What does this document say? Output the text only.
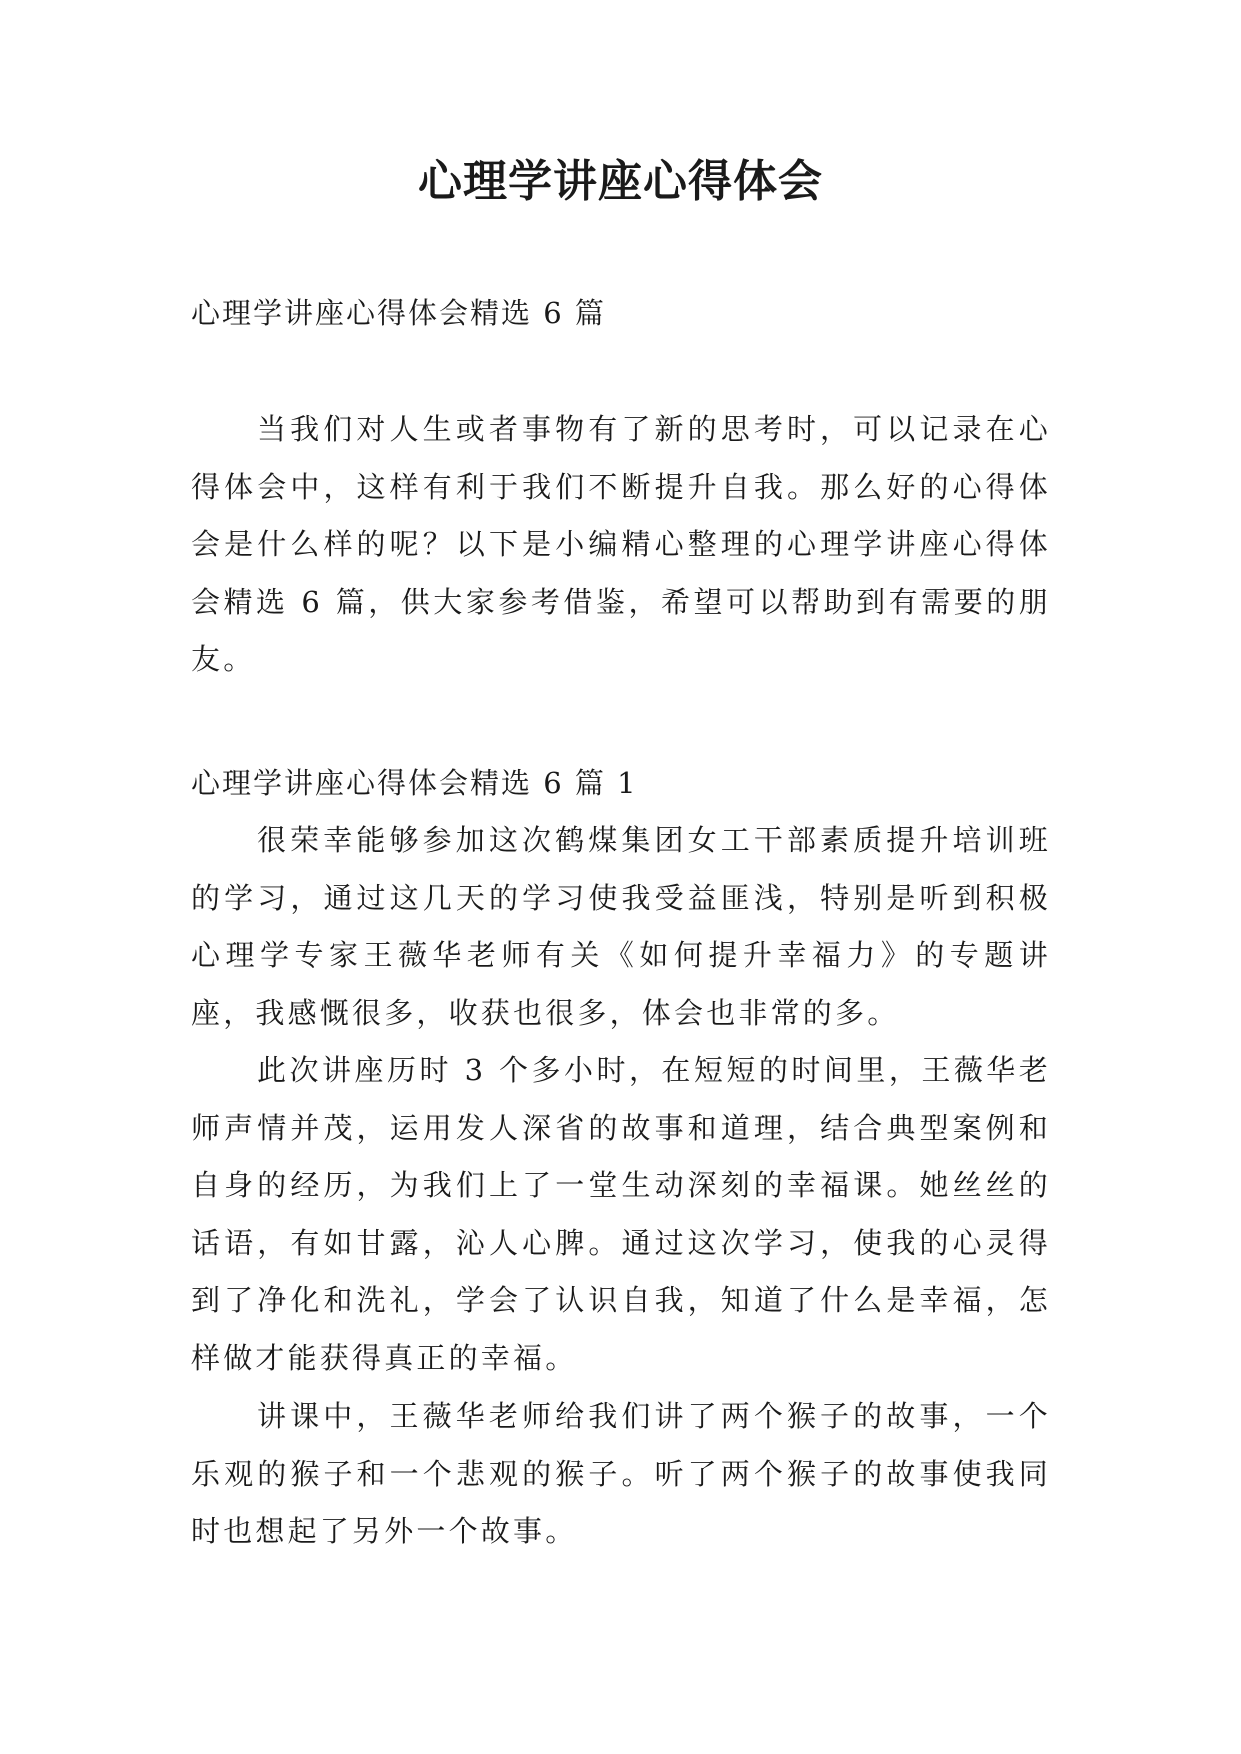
心理学讲座心得体会

心理学讲座心得体会精选 6 篇

当我们对人生或者事物有了新的思考时，可以记录在心得体会中，这样有利于我们不断提升自我。那么好的心得体会是什么样的呢？以下是小编精心整理的心理学讲座心得体会精选 6 篇，供大家参考借鉴，希望可以帮助到有需要的朋友。

心理学讲座心得体会精选 6 篇 1

很荣幸能够参加这次鹤煤集团女工干部素质提升培训班的学习，通过这几天的学习使我受益匪浅，特别是听到积极心理学专家王薇华老师有关《如何提升幸福力》的专题讲座，我感慨很多，收获也很多，体会也非常的多。

此次讲座历时 3 个多小时，在短短的时间里，王薇华老师声情并茂，运用发人深省的故事和道理，结合典型案例和自身的经历，为我们上了一堂生动深刻的幸福课。她丝丝的话语，有如甘露，沁人心脾。通过这次学习，使我的心灵得到了净化和洗礼，学会了认识自我，知道了什么是幸福，怎样做才能获得真正的幸福。

讲课中，王薇华老师给我们讲了两个猴子的故事，一个乐观的猴子和一个悲观的猴子。听了两个猴子的故事使我同时也想起了另外一个故事。
